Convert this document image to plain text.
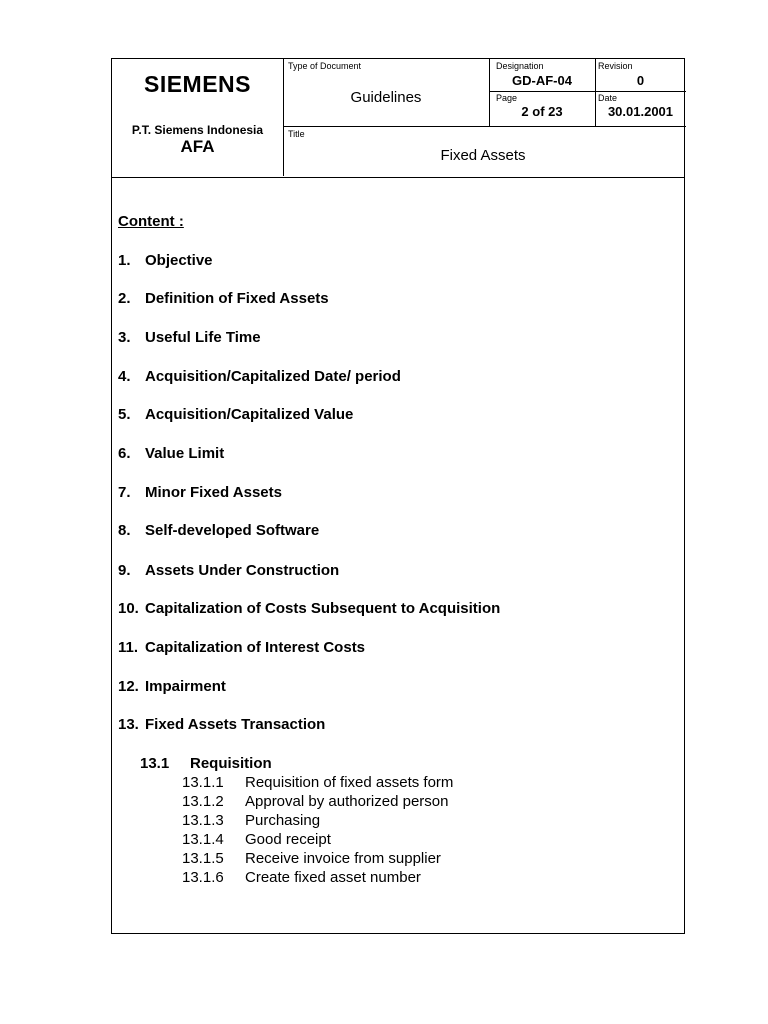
SIEMENS
P.T. Siemens Indonesia
AFA
Type of Document
Guidelines
Designation
GD-AF-04
Revision
0
Page
2 of 23
Date
30.01.2001
Title
Fixed Assets
Content :
1. Objective
2. Definition of Fixed Assets
3. Useful Life Time
4. Acquisition/Capitalized Date/ period
5. Acquisition/Capitalized Value
6. Value Limit
7. Minor Fixed Assets
8. Self-developed Software
9. Assets Under Construction
10. Capitalization of Costs Subsequent to Acquisition
11. Capitalization of Interest Costs
12. Impairment
13. Fixed Assets Transaction
13.1 Requisition
13.1.1 Requisition of fixed assets form
13.1.2 Approval by authorized person
13.1.3 Purchasing
13.1.4 Good receipt
13.1.5 Receive invoice from supplier
13.1.6 Create fixed asset number
